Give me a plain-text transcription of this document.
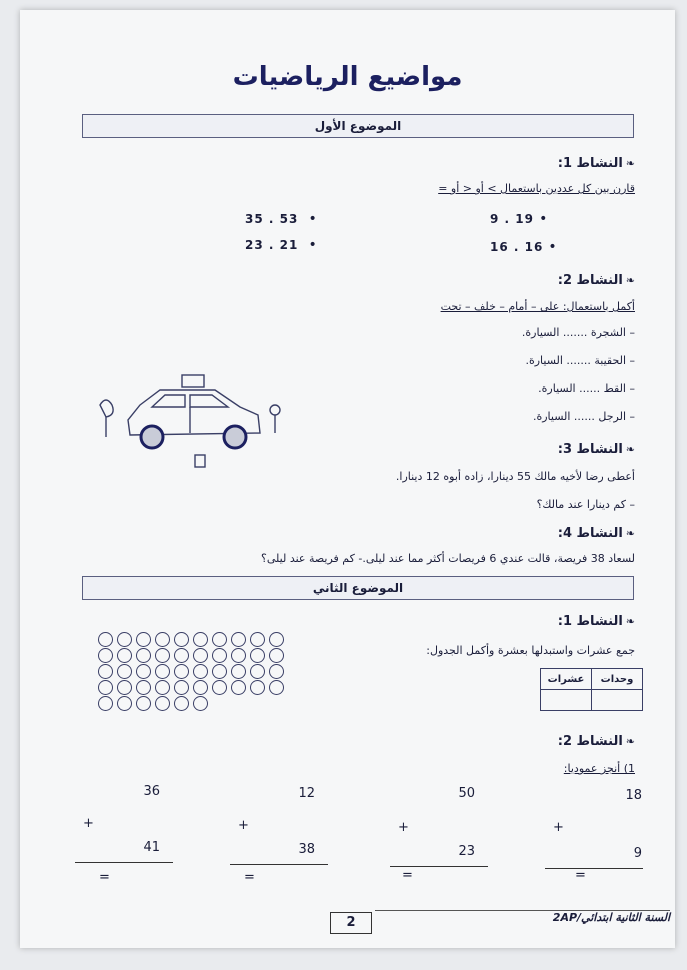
مواضيع الرياضيات
الموضوع الأول
❧النشاط 1:
قارن بين كل عددين باستعمال > أو < أو =
9 . 19 •
35 . 53 •
16 . 16 •
23 . 21 •
❧النشاط 2:
أكمل باستعمال: على – أمام – خلف – تحت
– الشجرة ....... السيارة.
– الحقيبة ....... السيارة.
– القط ...... السيارة.
– الرجل ...... السيارة.
❧النشاط 3:
أعطى رضا لأخيه مالك 55 دينارا، زاده أبوه 12 دينارا.
– كم دينارا عند مالك؟
❧النشاط 4:
لسعاد 38 فريصة، قالت عندي 6 فريصات أكثر مما عند ليلى.- كم فريصة عند ليلى؟
الموضوع الثاني
❧النشاط 1:
جمع عشرات واستبدلها بعشرة وأكمل الجدول:
عشرات	وحدات

❧النشاط 2:
1) أنجز عموديا:
18
+
9
50
+
23
=
12
+
38
=
36
+
41
=	=
2	السنة الثانية ابتدائي/2AP
